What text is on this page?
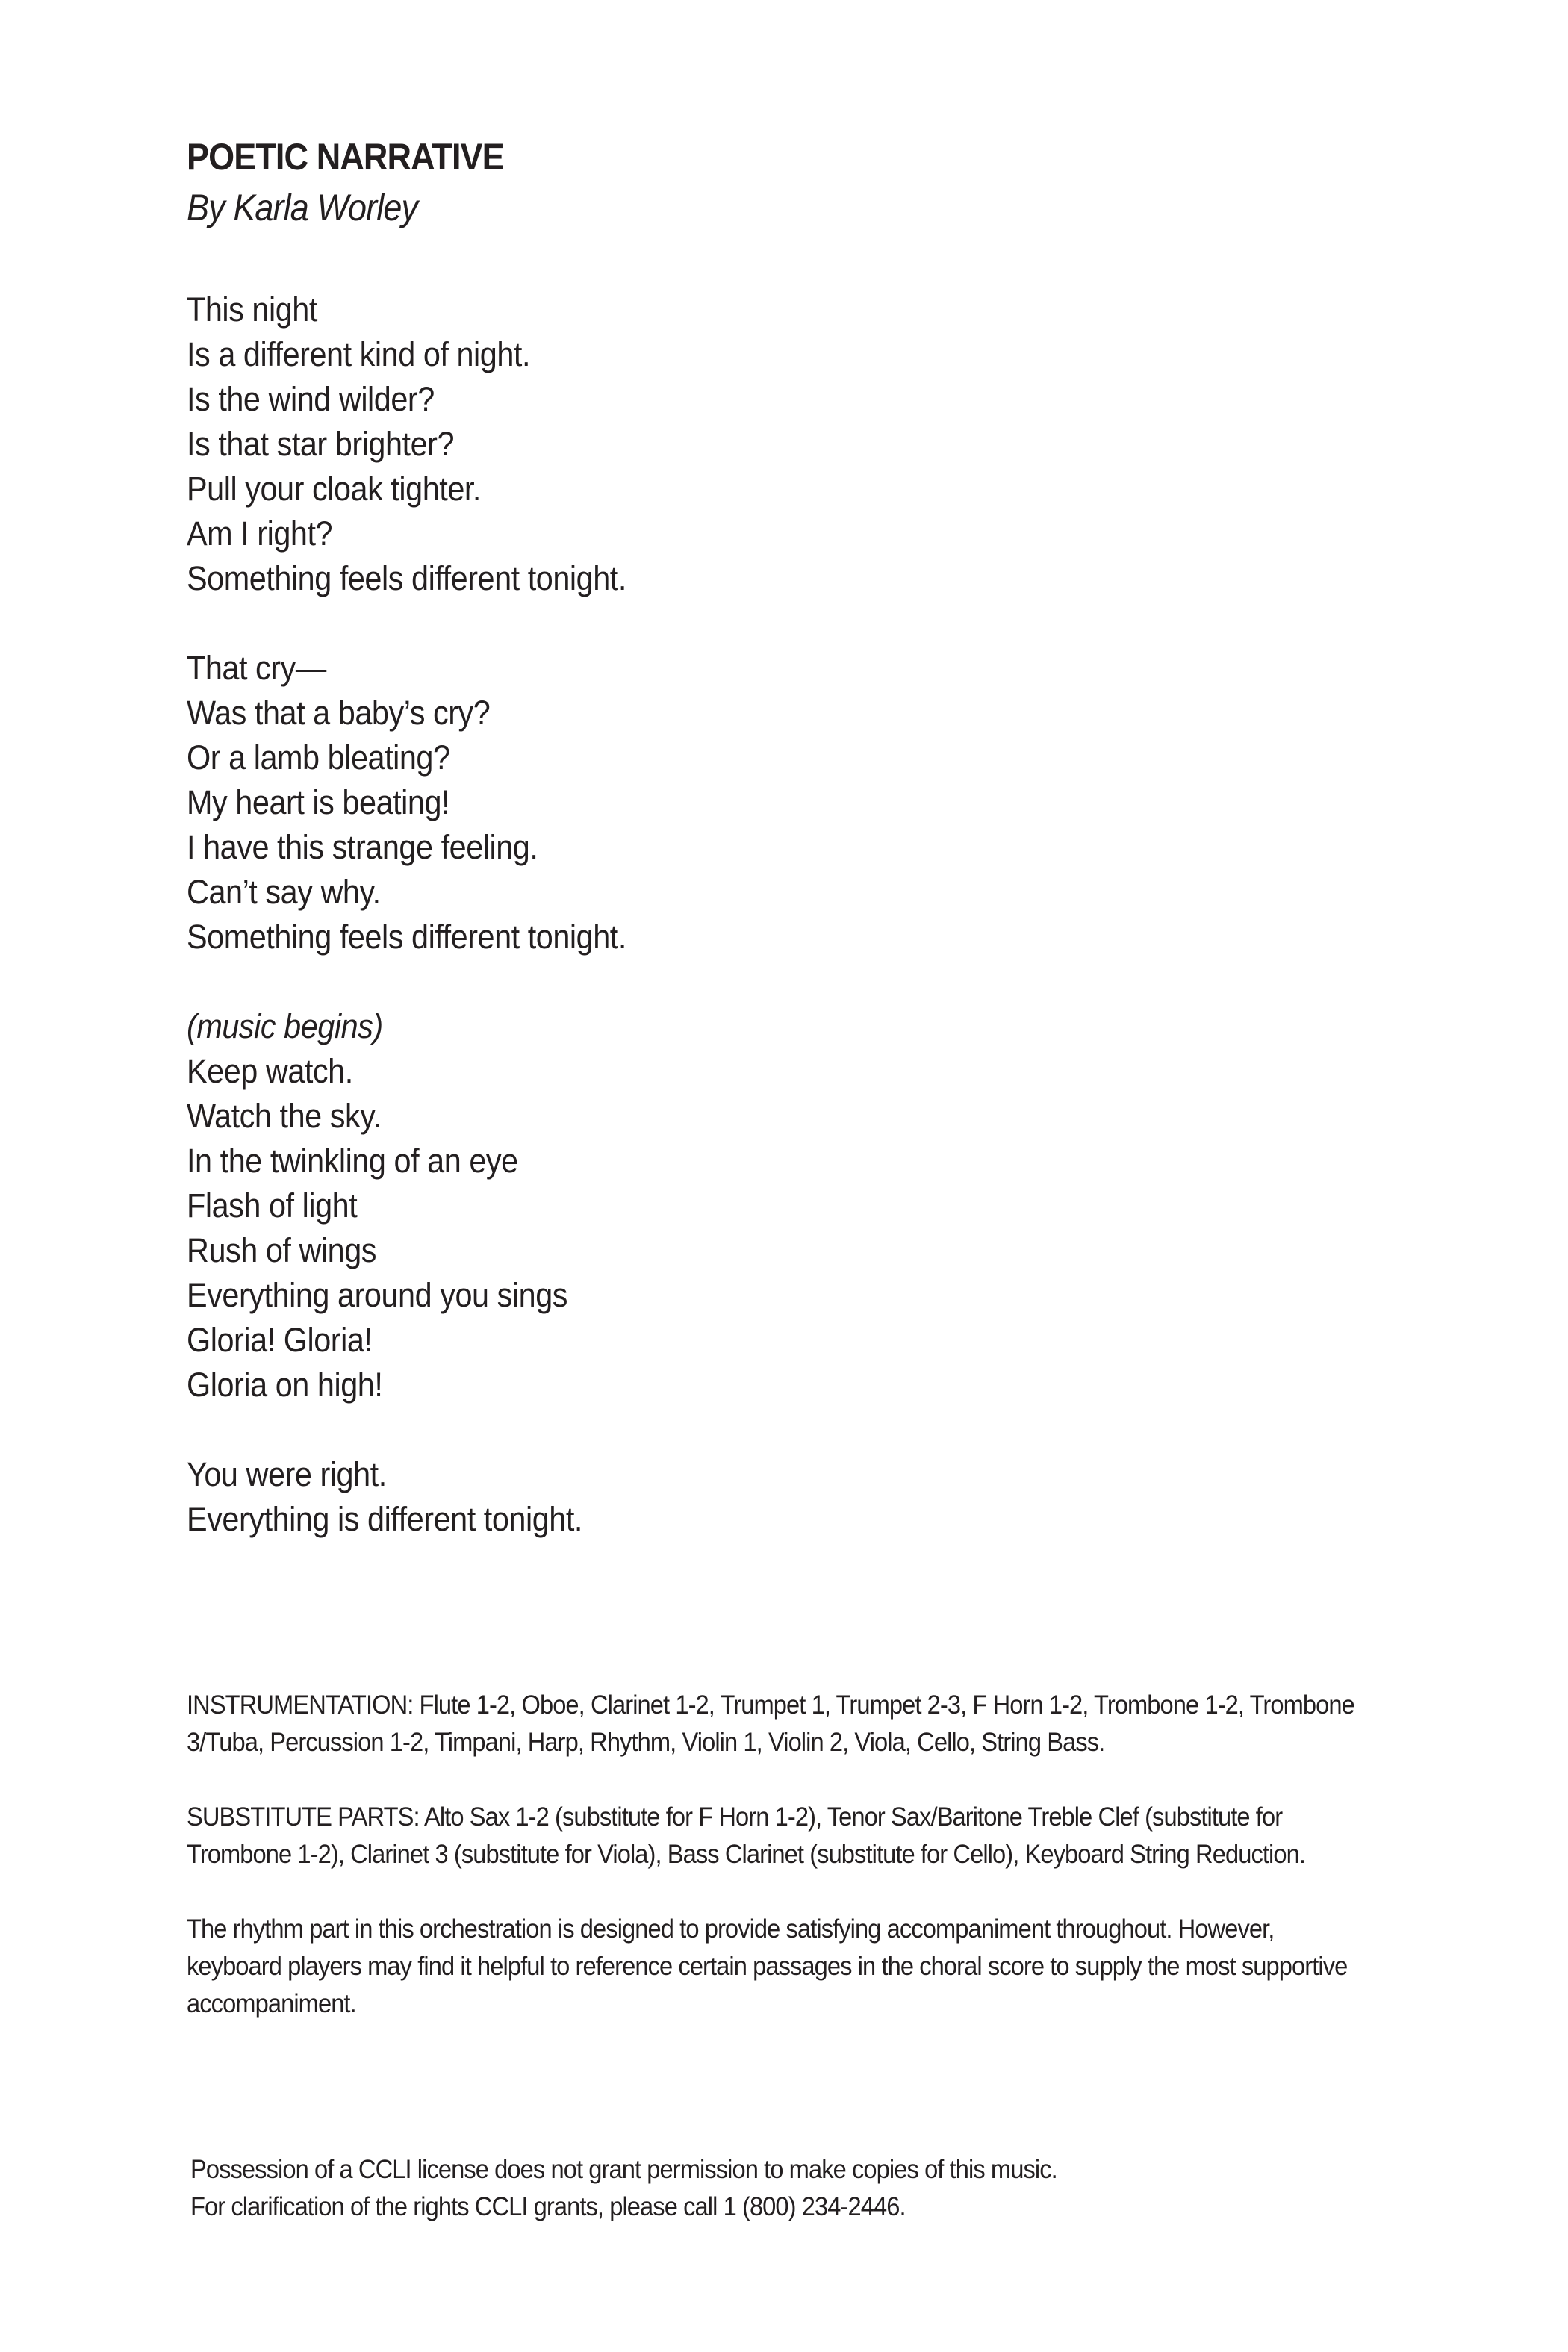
POETIC NARRATIVE
By Karla Worley
This night
Is a different kind of night.
Is the wind wilder?
Is that star brighter?
Pull your cloak tighter.
Am I right?
Something feels different tonight.
That cry—
Was that a baby’s cry?
Or a lamb bleating?
My heart is beating!
I have this strange feeling.
Can’t say why.
Something feels different tonight.
(music begins)
Keep watch.
Watch the sky.
In the twinkling of an eye
Flash of light
Rush of wings
Everything around you sings
Gloria! Gloria!
Gloria on high!
You were right.
Everything is different tonight.

INSTRUMENTATION: Flute 1-2, Oboe, Clarinet 1-2, Trumpet 1, Trumpet 2-3, F Horn 1-2, Trombone 1-2, Trombone 3/Tuba, Percussion 1-2, Timpani, Harp, Rhythm, Violin 1, Violin 2, Viola, Cello, String Bass.

SUBSTITUTE PARTS: Alto Sax 1-2 (substitute for F Horn 1-2), Tenor Sax/Baritone Treble Clef (substitute for Trombone 1-2), Clarinet 3 (substitute for Viola), Bass Clarinet (substitute for Cello), Keyboard String Reduction.

The rhythm part in this orchestration is designed to provide satisfying accompaniment throughout. However, keyboard players may find it helpful to reference certain passages in the choral score to supply the most supportive accompaniment.

Possession of a CCLI license does not grant permission to make copies of this music.
For clarification of the rights CCLI grants, please call 1 (800) 234-2446.
